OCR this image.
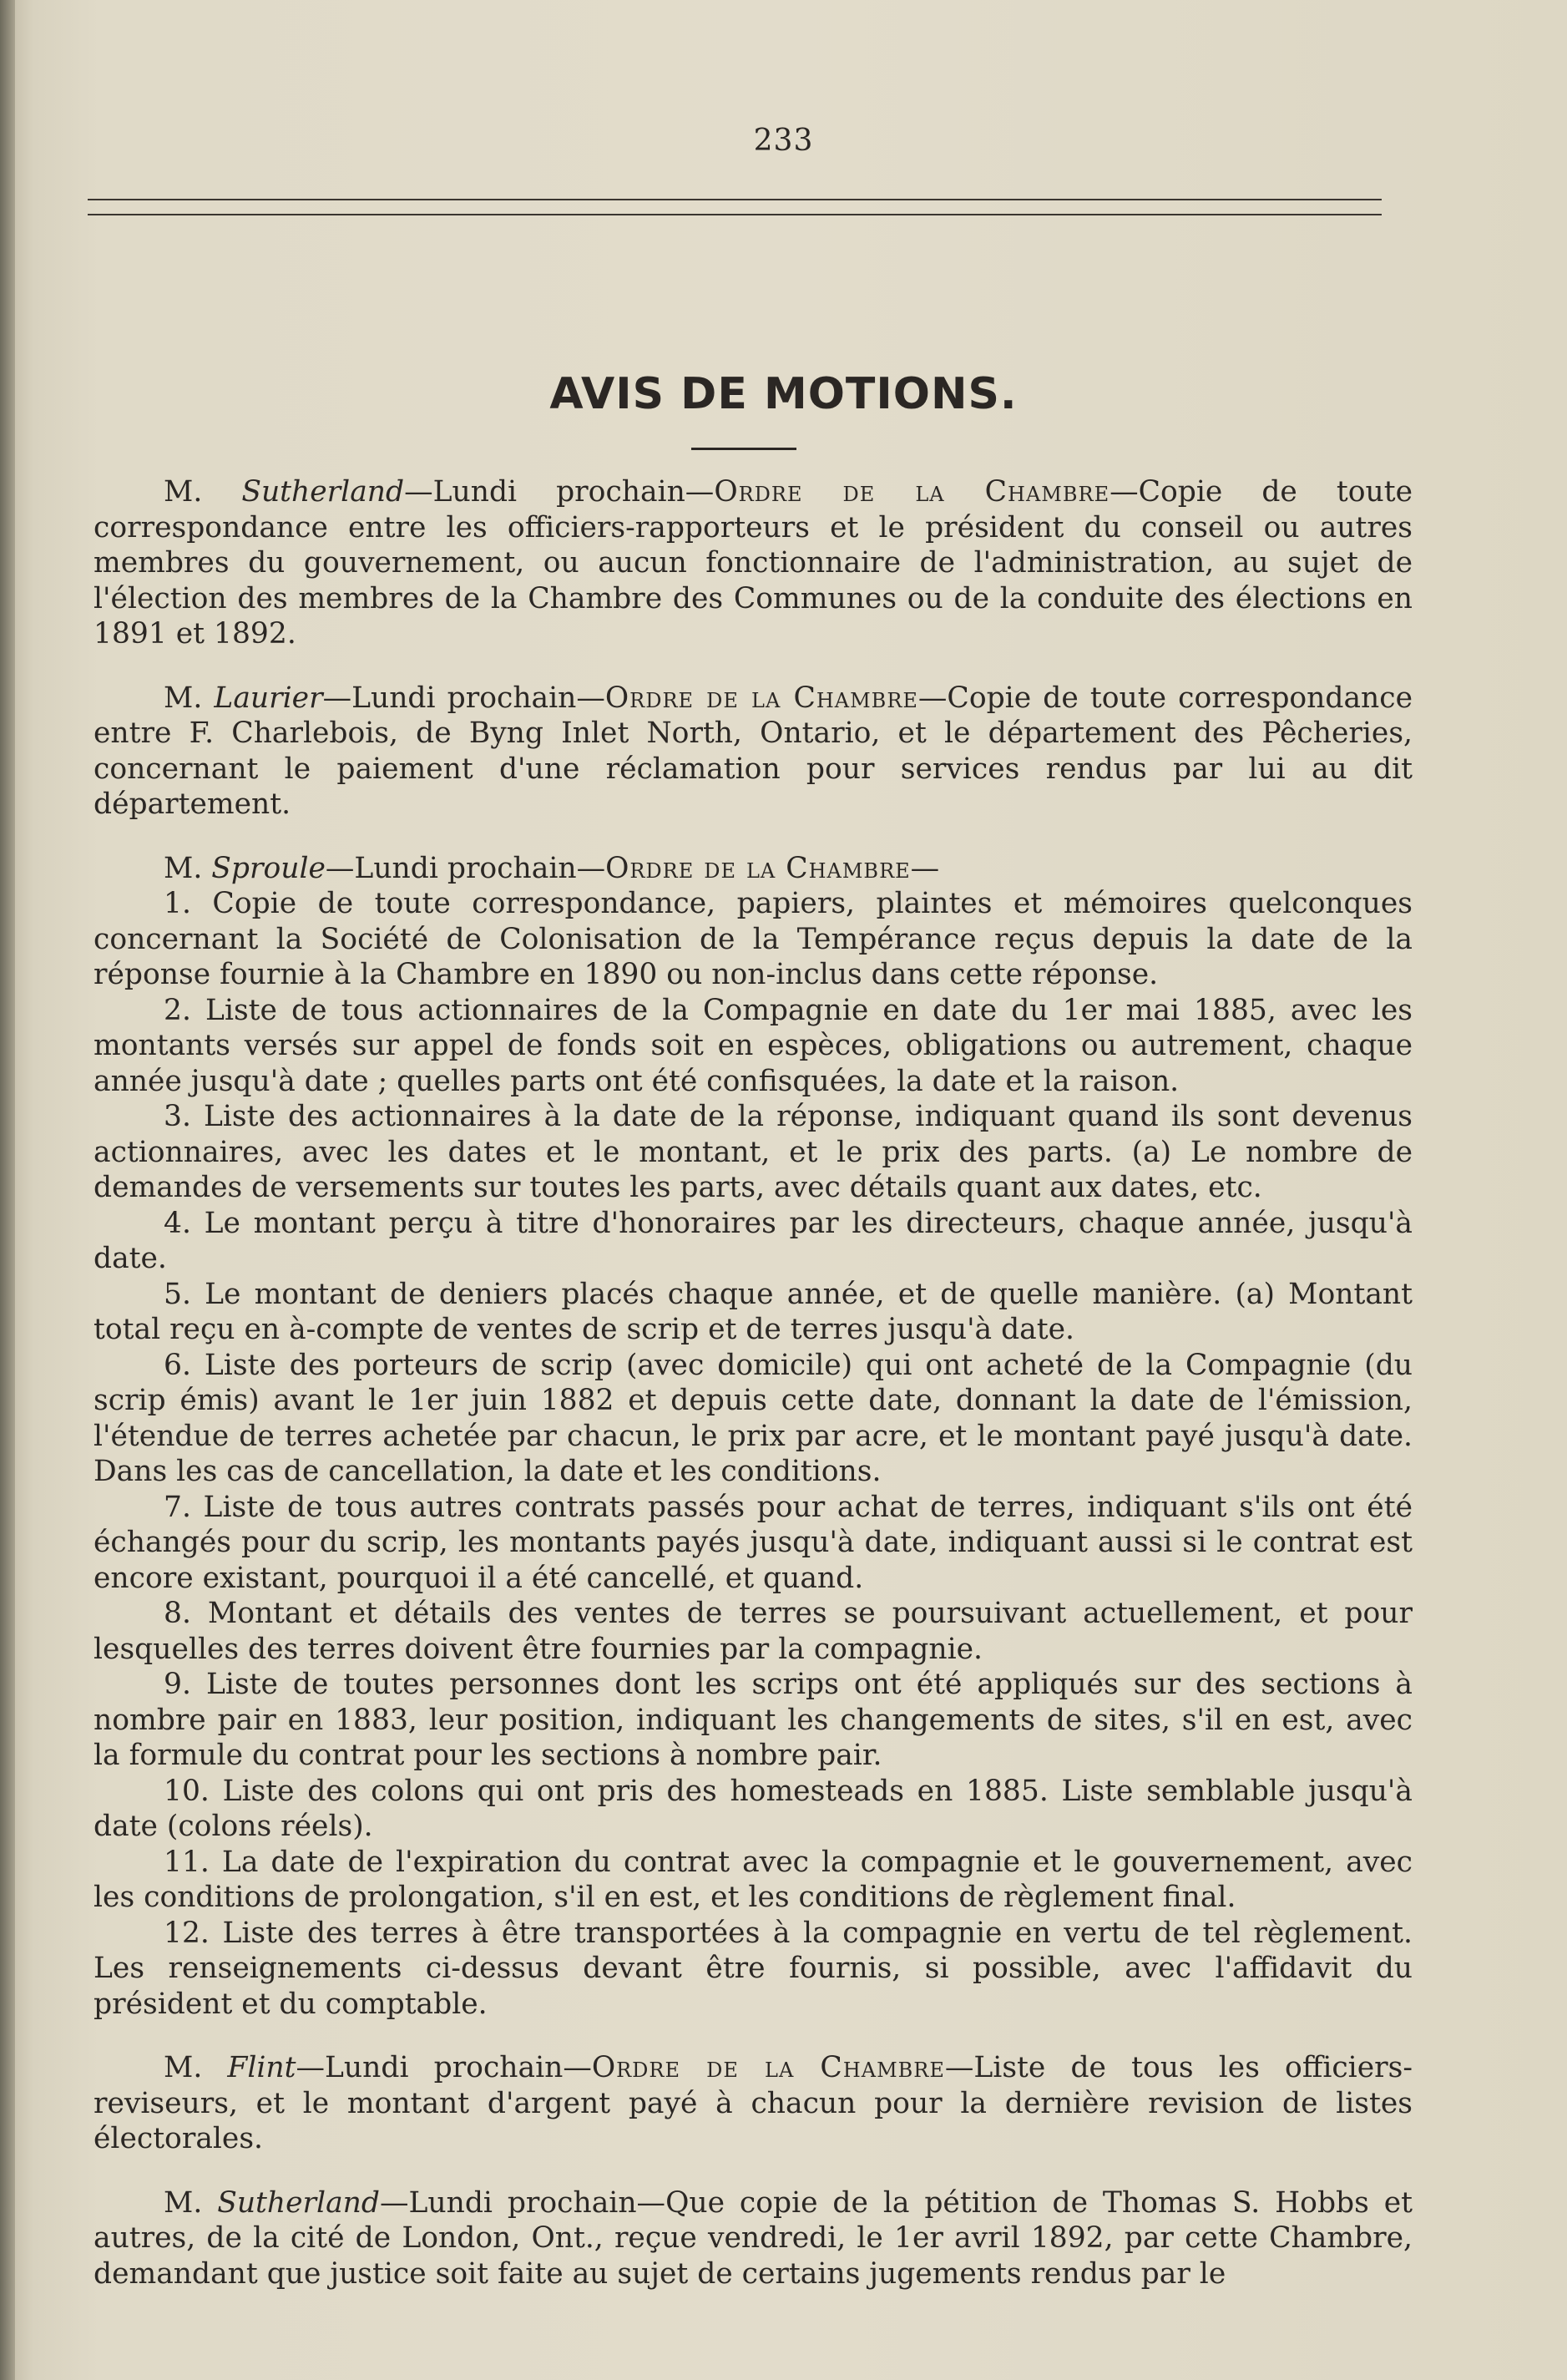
233
AVIS DE MOTIONS.

M. Sutherland—Lundi prochain—Ordre de la Chambre—Copie de toute correspondance entre les officiers-rapporteurs et le président du conseil ou autres membres du gouvernement, ou aucun fonctionnaire de l'administration, au sujet de l'élection des membres de la Chambre des Communes ou de la conduite des élections en 1891 et 1892.

M. Laurier—Lundi prochain—Ordre de la Chambre—Copie de toute correspondance entre F. Charlebois, de Byng Inlet North, Ontario, et le département des Pêcheries, concernant le paiement d'une réclamation pour services rendus par lui au dit département.

M. Sproule—Lundi prochain—Ordre de la Chambre—

1. Copie de toute correspondance, papiers, plaintes et mémoires quelconques concernant la Société de Colonisation de la Tempérance reçus depuis la date de la réponse fournie à la Chambre en 1890 ou non-inclus dans cette réponse.

2. Liste de tous actionnaires de la Compagnie en date du 1er mai 1885, avec les montants versés sur appel de fonds soit en espèces, obligations ou autrement, chaque année jusqu'à date ; quelles parts ont été confisquées, la date et la raison.

3. Liste des actionnaires à la date de la réponse, indiquant quand ils sont devenus actionnaires, avec les dates et le montant, et le prix des parts. (a) Le nombre de demandes de versements sur toutes les parts, avec détails quant aux dates, etc.

4. Le montant perçu à titre d'honoraires par les directeurs, chaque année, jusqu'à date.

5. Le montant de deniers placés chaque année, et de quelle manière. (a) Montant total reçu en à-compte de ventes de scrip et de terres jusqu'à date.

6. Liste des porteurs de scrip (avec domicile) qui ont acheté de la Compagnie (du scrip émis) avant le 1er juin 1882 et depuis cette date, donnant la date de l'émission, l'étendue de terres achetée par chacun, le prix par acre, et le montant payé jusqu'à date. Dans les cas de cancellation, la date et les conditions.

7. Liste de tous autres contrats passés pour achat de terres, indiquant s'ils ont été échangés pour du scrip, les montants payés jusqu'à date, indiquant aussi si le contrat est encore existant, pourquoi il a été cancellé, et quand.

8. Montant et détails des ventes de terres se poursuivant actuellement, et pour lesquelles des terres doivent être fournies par la compagnie.

9. Liste de toutes personnes dont les scrips ont été appliqués sur des sections à nombre pair en 1883, leur position, indiquant les changements de sites, s'il en est, avec la formule du contrat pour les sections à nombre pair.

10. Liste des colons qui ont pris des homesteads en 1885. Liste semblable jusqu'à date (colons réels).

11. La date de l'expiration du contrat avec la compagnie et le gouvernement, avec les conditions de prolongation, s'il en est, et les conditions de règlement final.

12. Liste des terres à être transportées à la compagnie en vertu de tel règlement. Les renseignements ci-dessus devant être fournis, si possible, avec l'affidavit du président et du comptable.

M. Flint—Lundi prochain—Ordre de la Chambre—Liste de tous les officiers-reviseurs, et le montant d'argent payé à chacun pour la dernière revision de listes électorales.

M. Sutherland—Lundi prochain—Que copie de la pétition de Thomas S. Hobbs et autres, de la cité de London, Ont., reçue vendredi, le 1er avril 1892, par cette Chambre, demandant que justice soit faite au sujet de certains jugements rendus par le
